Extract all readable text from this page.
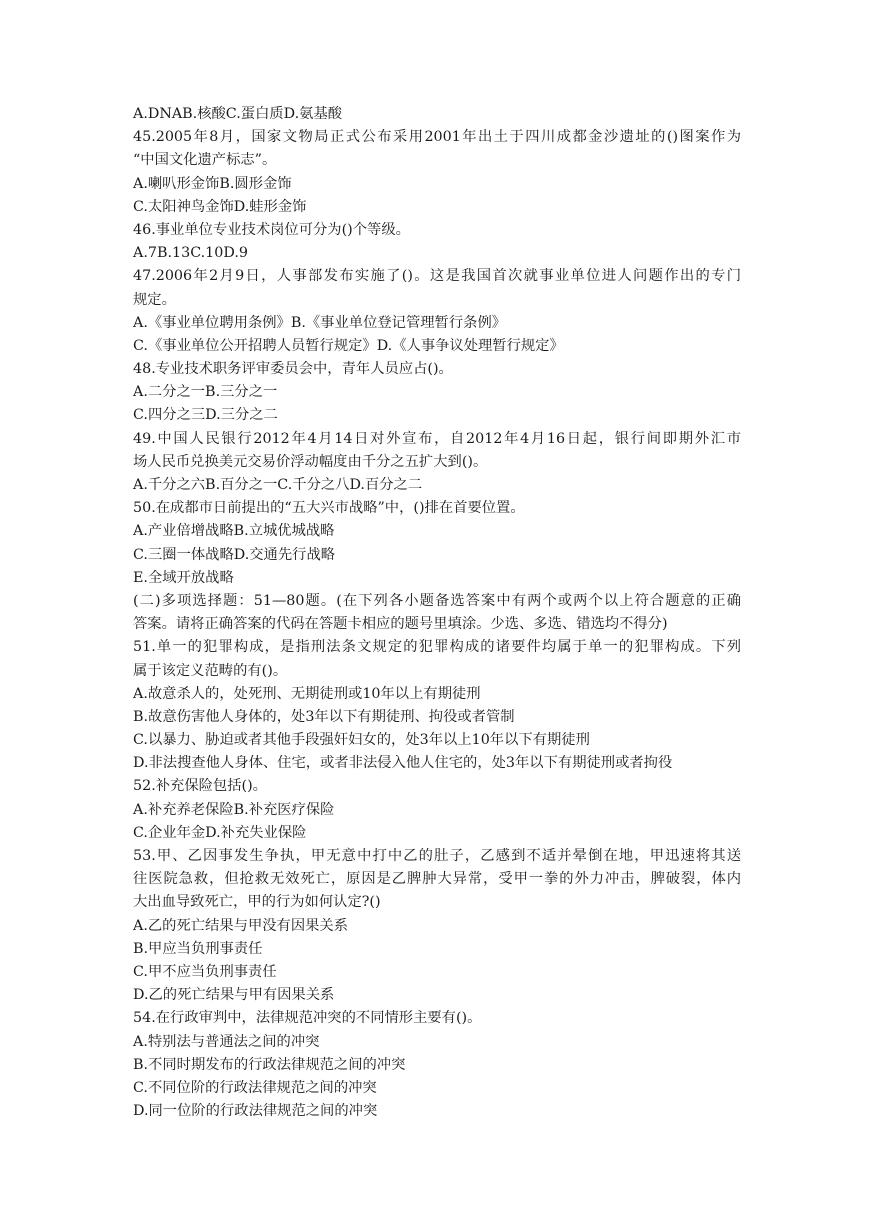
A.DNAB.核酸C.蛋白质D.氨基酸
45.2005年8月，国家文物局正式公布采用2001年出土于四川成都金沙遗址的()图案作为
“中国文化遗产标志”。
A.喇叭形金饰B.圆形金饰
C.太阳神鸟金饰D.蛙形金饰
46.事业单位专业技术岗位可分为()个等级。
A.7B.13C.10D.9
47.2006年2月9日，人事部发布实施了()。这是我国首次就事业单位进人问题作出的专门
规定。
A.《事业单位聘用条例》B.《事业单位登记管理暂行条例》
C.《事业单位公开招聘人员暂行规定》D.《人事争议处理暂行规定》
48.专业技术职务评审委员会中，青年人员应占()。
A.二分之一B.三分之一
C.四分之三D.三分之二
49.中国人民银行2012年4月14日对外宣布，自2012年4月16日起，银行间即期外汇市
场人民币兑换美元交易价浮动幅度由千分之五扩大到()。
A.千分之六B.百分之一C.千分之八D.百分之二
50.在成都市日前提出的“五大兴市战略”中，()排在首要位置。
A.产业倍增战略B.立城优城战略
C.三圈一体战略D.交通先行战略
E.全域开放战略
(二)多项选择题：51—80题。(在下列各小题备选答案中有两个或两个以上符合题意的正确
答案。请将正确答案的代码在答题卡相应的题号里填涂。少选、多选、错选均不得分)
51.单一的犯罪构成，是指刑法条文规定的犯罪构成的诸要件均属于单一的犯罪构成。下列
属于该定义范畴的有()。
A.故意杀人的，处死刑、无期徒刑或10年以上有期徒刑
B.故意伤害他人身体的，处3年以下有期徒刑、拘役或者管制
C.以暴力、胁迫或者其他手段强奸妇女的，处3年以上10年以下有期徒刑
D.非法搜查他人身体、住宅，或者非法侵入他人住宅的，处3年以下有期徒刑或者拘役
52.补充保险包括()。
A.补充养老保险B.补充医疗保险
C.企业年金D.补充失业保险
53.甲、乙因事发生争执，甲无意中打中乙的肚子，乙感到不适并晕倒在地，甲迅速将其送
往医院急救，但抢救无效死亡，原因是乙脾肿大异常，受甲一拳的外力冲击，脾破裂，体内
大出血导致死亡，甲的行为如何认定?()
A.乙的死亡结果与甲没有因果关系
B.甲应当负刑事责任
C.甲不应当负刑事责任
D.乙的死亡结果与甲有因果关系
54.在行政审判中，法律规范冲突的不同情形主要有()。
A.特别法与普通法之间的冲突
B.不同时期发布的行政法律规范之间的冲突
C.不同位阶的行政法律规范之间的冲突
D.同一位阶的行政法律规范之间的冲突
